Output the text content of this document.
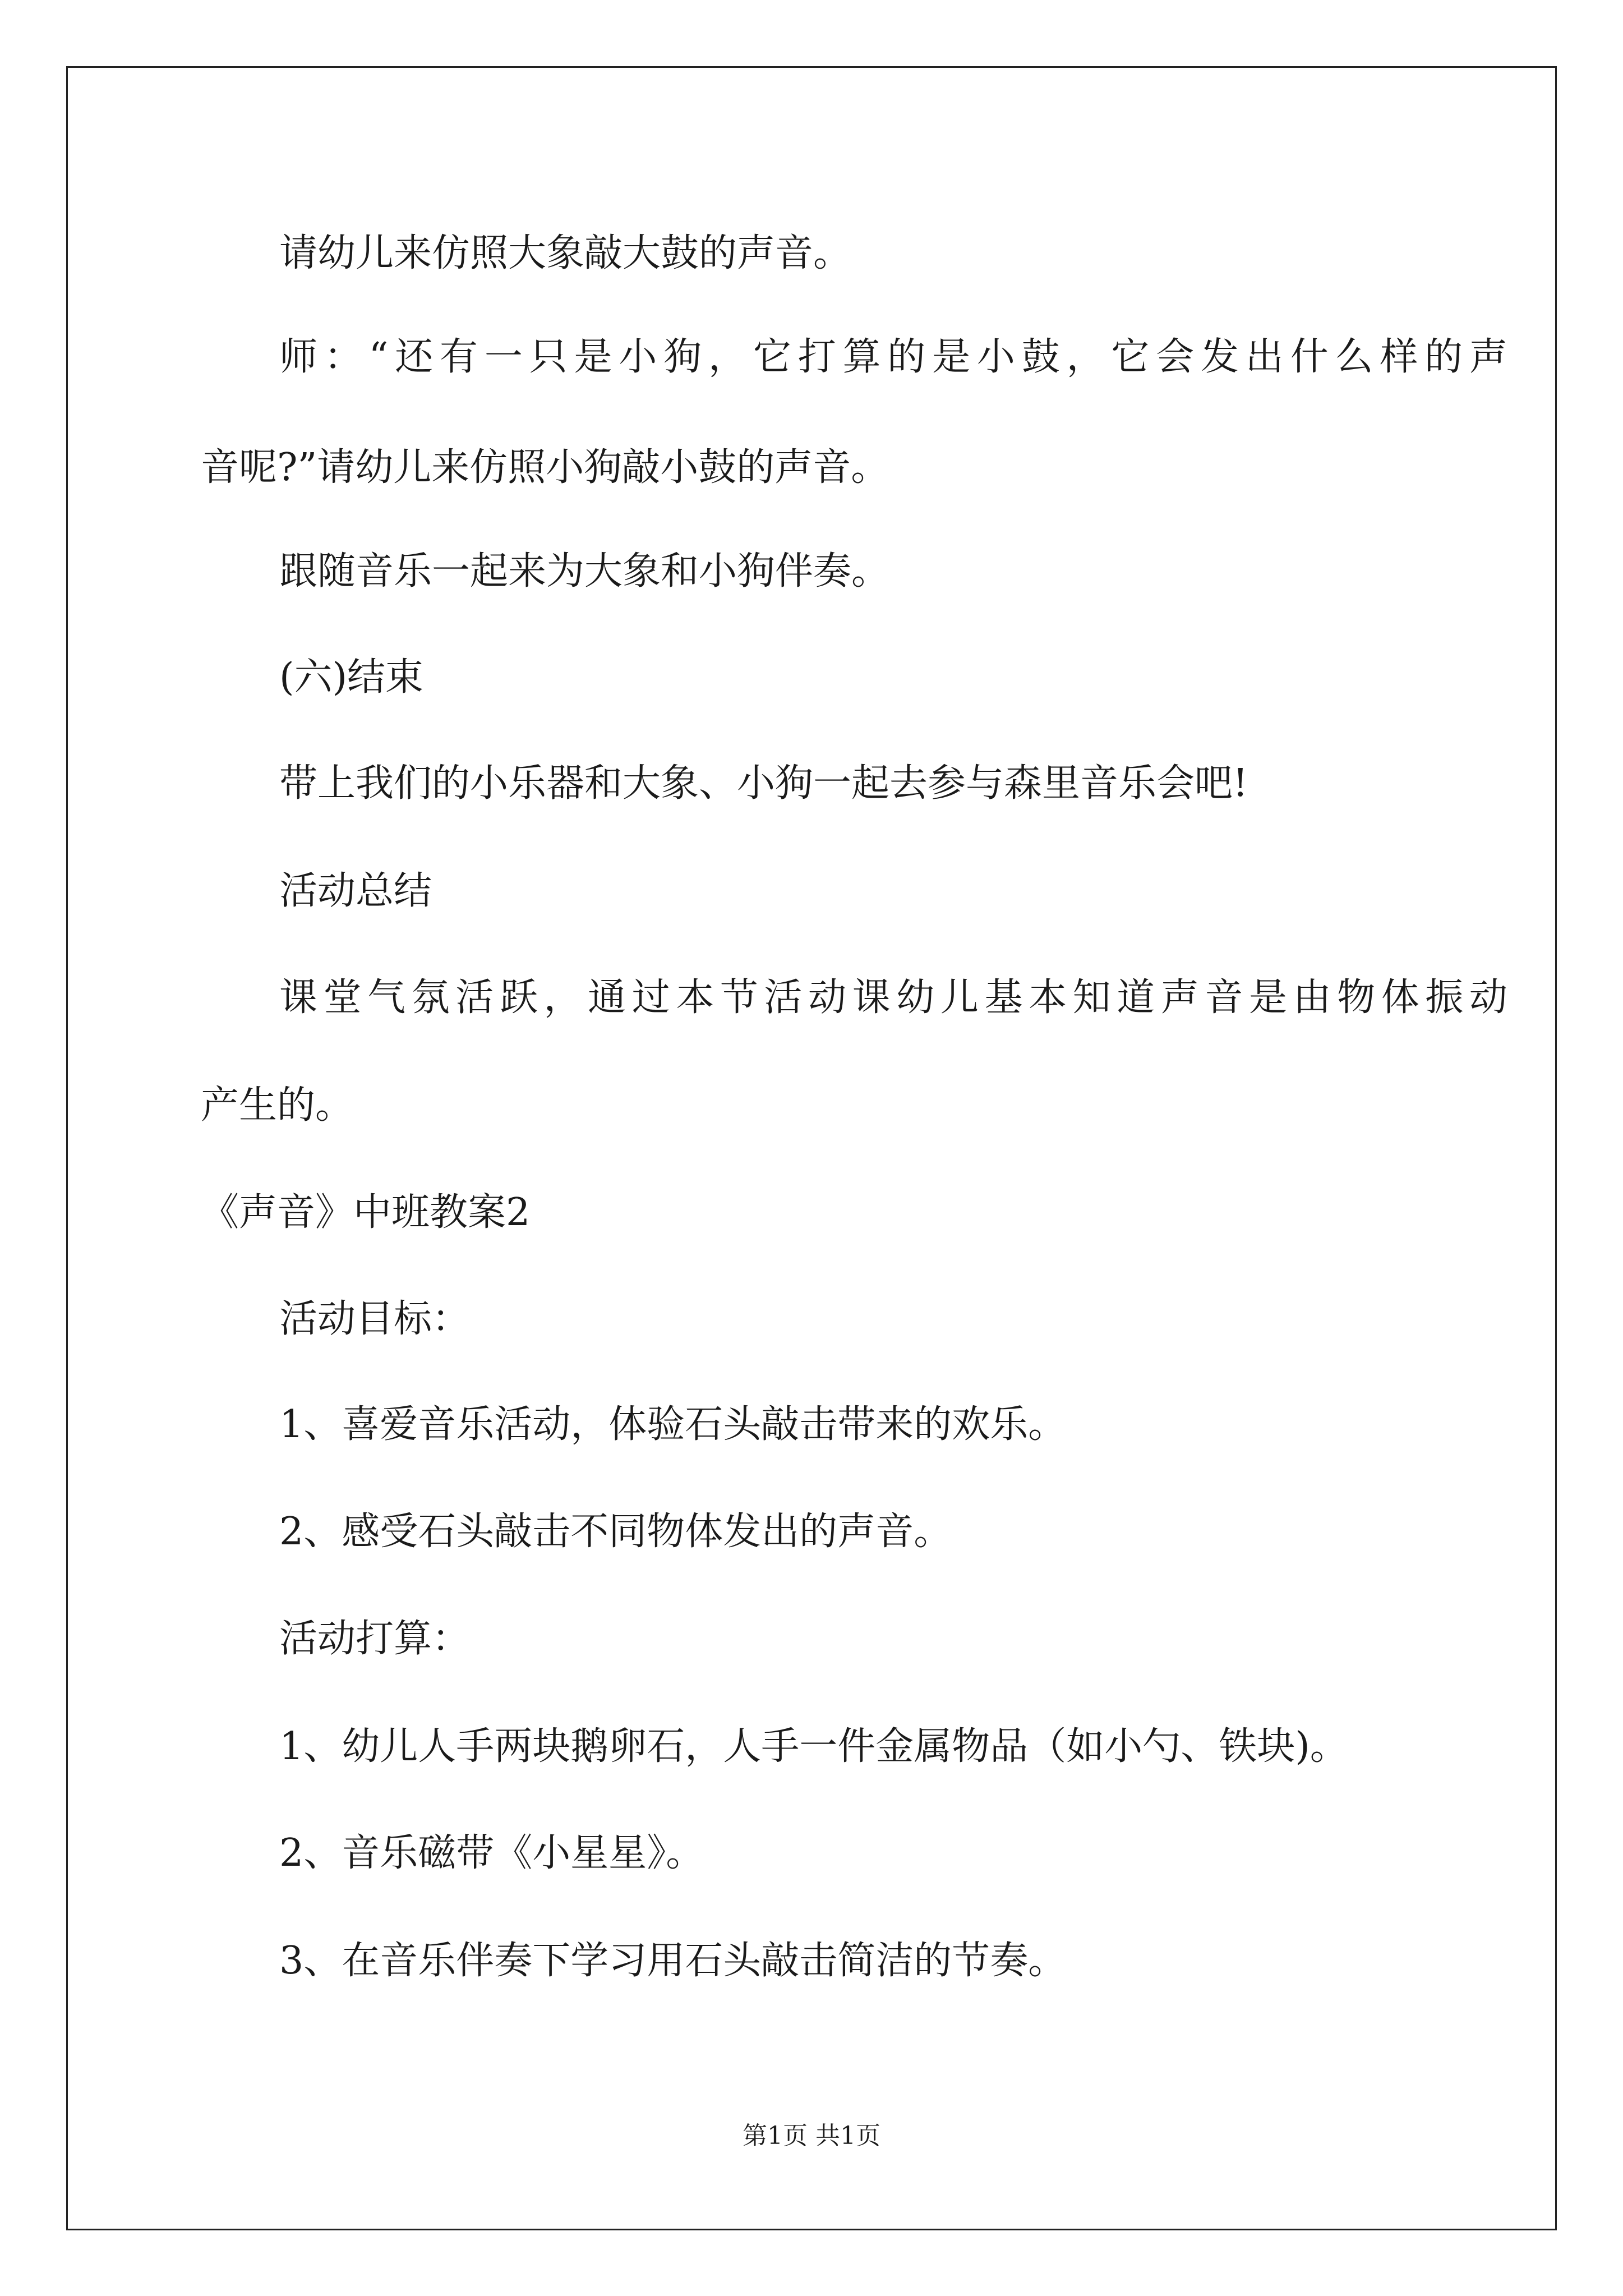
请幼儿来仿照大象敲大鼓的声音。
师：“还有一只是小狗，它打算的是小鼓，它会发出什么样的声
音呢?”请幼儿来仿照小狗敲小鼓的声音。
跟随音乐一起来为大象和小狗伴奏。
(六)结束
带上我们的小乐器和大象、小狗一起去参与森里音乐会吧!
活动总结
课堂气氛活跃，通过本节活动课幼儿基本知道声音是由物体振动
产生的。
《声音》中班教案2
活动目标：
1、喜爱音乐活动，体验石头敲击带来的欢乐。
2、感受石头敲击不同物体发出的声音。
活动打算：
1、幼儿人手两块鹅卵石，人手一件金属物品（如小勺、铁块)。
2、音乐磁带《小星星》。
3、在音乐伴奏下学习用石头敲击简洁的节奏。
第1页 共1页
